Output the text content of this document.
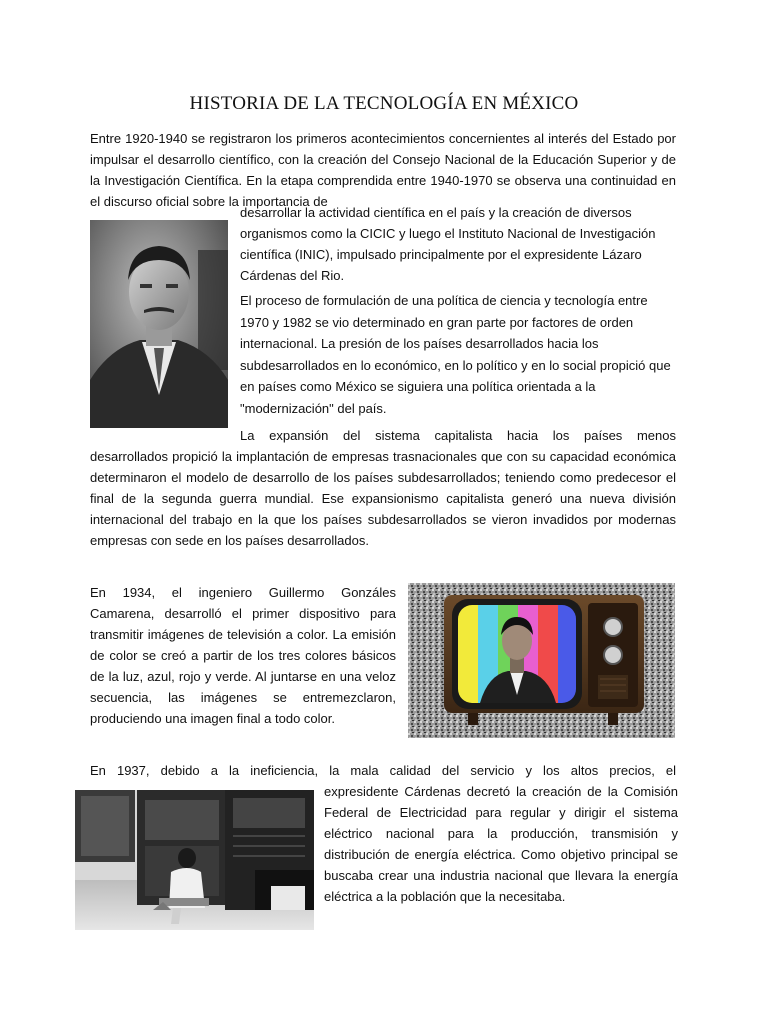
HISTORIA DE LA TECNOLOGÍA EN MÉXICO

Entre 1920-1940 se registraron los primeros acontecimientos concernientes al interés del Estado por impulsar el desarrollo científico, con la creación del Consejo Nacional de la Educación Superior y de la Investigación Científica. En la etapa comprendida entre 1940-1970 se observa una continuidad en el discurso oficial sobre la importancia de

desarrollar la actividad científica en el país y la creación de diversos organismos como la CICIC y luego el Instituto Nacional de Investigación científica (INIC), impulsado principalmente por el expresidente Lázaro Cárdenas del Rio.

El proceso de formulación de una política de ciencia y tecnología entre 1970 y 1982 se vio determinado en gran parte por factores de orden internacional. La presión de los países desarrollados hacia los subdesarrollados en lo económico, en lo político y en lo social propició que en países como México se siguiera una política orientada a la "modernización" del país.

La expansión del sistema capitalista hacia los países menos

desarrollados propició la implantación de empresas trasnacionales que con su capacidad económica determinaron el modelo de desarrollo de los países subdesarrollados; teniendo como predecesor el final de la segunda guerra mundial. Ese expansionismo capitalista generó una nueva división internacional del trabajo en la que los países subdesarrollados se vieron invadidos por modernas empresas con sede en los países desarrollados.

En 1934, el ingeniero Guillermo Gonzáles Camarena, desarrolló el primer dispositivo para transmitir imágenes de televisión a color. La emisión de color se creó a partir de los tres colores básicos de la luz, azul, rojo y verde. Al juntarse en una veloz secuencia, las imágenes se entremezclaron, produciendo una imagen final a todo color.

En 1937, debido a la ineficiencia, la mala calidad del servicio y los altos precios, el

expresidente Cárdenas decretó la creación de la Comisión Federal de Electricidad para regular y dirigir el sistema eléctrico nacional para la producción, transmisión y distribución de energía eléctrica. Como objetivo principal se buscaba crear una industria nacional que llevara la energía eléctrica a la población que la necesitaba.
